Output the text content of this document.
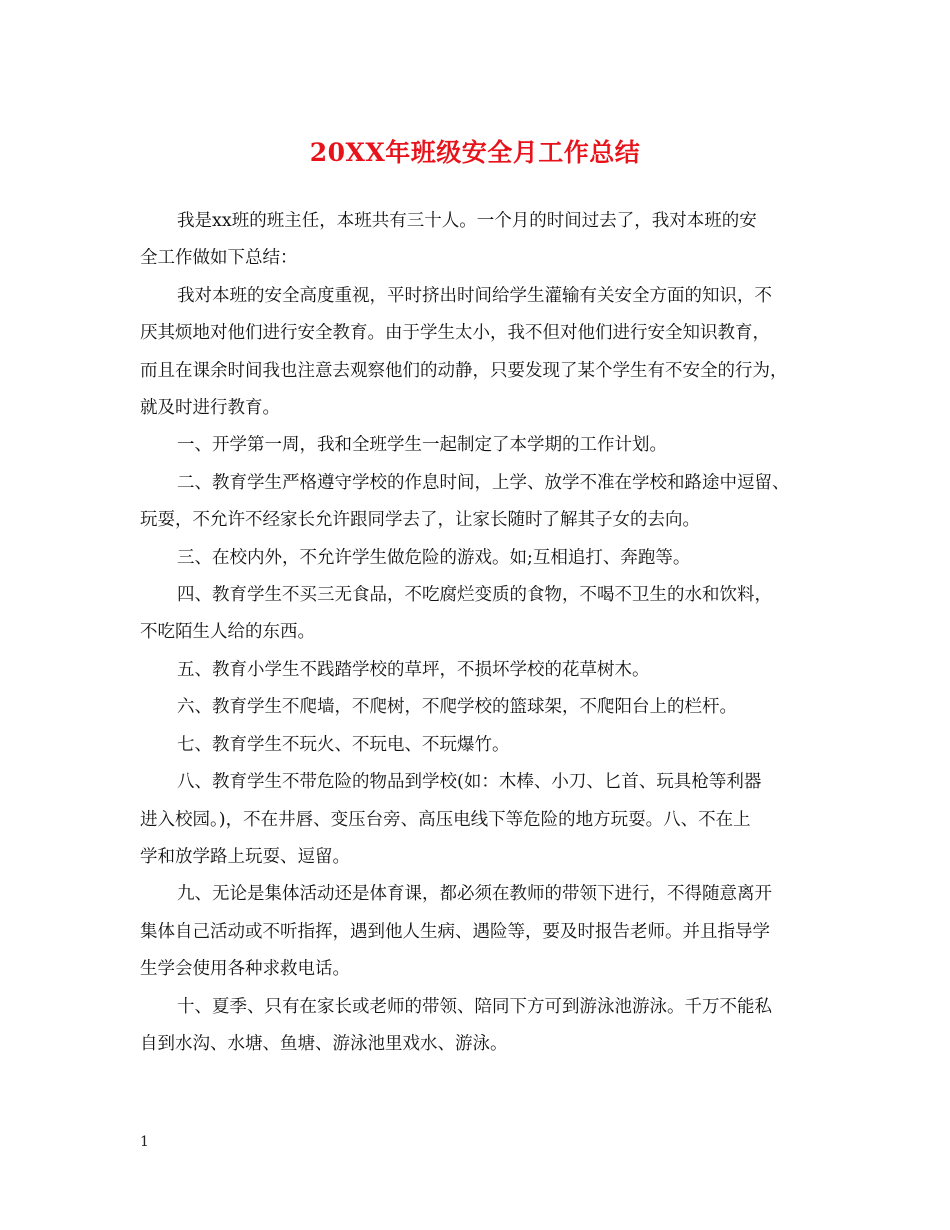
20XX年班级安全月工作总结

我是xx班的班主任，本班共有三十人。一个月的时间过去了，我对本班的安
全工作做如下总结：

我对本班的安全高度重视，平时挤出时间给学生灌输有关安全方面的知识，不
厌其烦地对他们进行安全教育。由于学生太小，我不但对他们进行安全知识教育，
而且在课余时间我也注意去观察他们的动静，只要发现了某个学生有不安全的行为，
就及时进行教育。

一、开学第一周，我和全班学生一起制定了本学期的工作计划。

二、教育学生严格遵守学校的作息时间，上学、放学不准在学校和路途中逗留、
玩耍，不允许不经家长允许跟同学去了，让家长随时了解其子女的去向。

三、在校内外，不允许学生做危险的游戏。如;互相追打、奔跑等。

四、教育学生不买三无食品，不吃腐烂变质的食物，不喝不卫生的水和饮料，
不吃陌生人给的东西。

五、教育小学生不践踏学校的草坪，不损坏学校的花草树木。

六、教育学生不爬墙，不爬树，不爬学校的篮球架，不爬阳台上的栏杆。

七、教育学生不玩火、不玩电、不玩爆竹。

八、教育学生不带危险的物品到学校(如：木棒、小刀、匕首、玩具枪等利器
进入校园。)，不在井唇、变压台旁、高压电线下等危险的地方玩耍。八、不在上
学和放学路上玩耍、逗留。

九、无论是集体活动还是体育课，都必须在教师的带领下进行，不得随意离开
集体自己活动或不听指挥，遇到他人生病、遇险等，要及时报告老师。并且指导学
生学会使用各种求救电话。

十、夏季、只有在家长或老师的带领、陪同下方可到游泳池游泳。千万不能私
自到水沟、水塘、鱼塘、游泳池里戏水、游泳。

1
